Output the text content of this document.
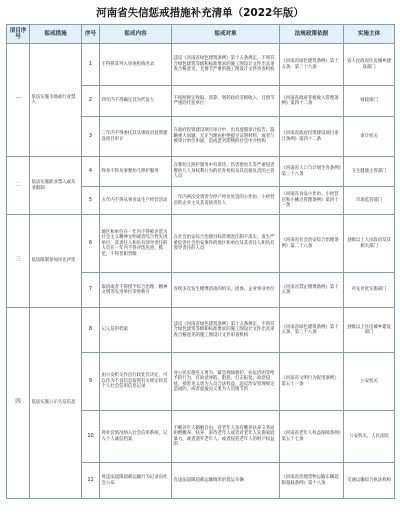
河南省失信惩戒措施补充清单（2022年版）
项目序号	惩戒措施	序号	惩戒内容	惩戒对象	法规政策依据	实施主体
一	依法实施市场或行业禁入	1	不得将其列入审查机构名录	违反《河南省绿色建筑条例》第十五条规定，不将符合绿色建筑等级和标准要求的施工图设计文件出具审查合格意见，且情节严重的施工图设计文件审查机构	《河南省绿色建筑条例》第十五条、第三十八条	省人民政府住房城乡建设部门
		2	四年内不得确定其为代征人	不按照规定收取、清算、划转政府非税收入，且情节严重的代征单位	《河南省政府非税收入管理条例》第四十二条	财政部门
		3	三年内不得委托其从事政府投资建设项目审计	在政府投资建设项目审计中，出具虚假审计报告、隐瞒重大问题、无正当理由拒绝提交证明材料，或者与被审计单位串通，造成恶劣影响的社会中介机构	《河南省政府投资建设项目审计条例》第四十二条	审计机关
二	依法实施职业禁入或从业限制	4	终身不得从事婴幼儿照护服务	在婴幼儿照护服务中有虐待、伤害婴幼儿等严重侵害婴幼儿人身权利行为的托育机构及其直接负责的主管人员	《河南省人口与计划生育条例》第三十八条	卫生健康主管部门
		5	五年内不得从事食品生产经营活动	一年内两次受到责令停产停业处罚的小作坊、小经营店的企业主及其直接责任人	《河南省食品小作坊、小经营店和小摊点管理条例》第四十一条	市场监管部门
三	依法限制参加评先评优	6	地区和单位在一年内不得被评选为社会主义精神文明或者综合性先进单位，其责任人和负有领导责任的人员在一年内不得评选先进、模范，不得晋职晋级	在社会治安综合治理目标管理责任制不落实，发生严重危害社会治安事件的地区和单位及其责任人和负有领导责任的人员	《河南省社会治安综合治理条例》第二十八条	县级以上人民政府及其相关部门
		7	取消或者不得授予综合治理、精神文明等先进单位荣誉称号	连续多次发生赌博活动的机关、团体、企业事业单位	《河南省禁止赌博条例》第十五条	评先评优实施部门
四	依法实施公示失信信息	8	记入信用档案	违反《河南省绿色建筑条例》第十五条规定，不将符合绿色建筑等级和标准要求的施工图设计文件出具审查合格意见的施工图设计文件审查机构	《河南省绿色建筑条例》第十五条、第三十八条	县级以上住房城乡建设部门
		9	由公安机关作出行政处罚决定，可以作为不良信息按照有关规定将其个人社会信用信息记录	对公民实施见义勇为、紧急现场救护、扶危济困等给予的行为，有故意诬陷、阻扰、打击报复、故意侵扰、损害见义勇为人员合法权益，违反治安管理规定造成的，或者虚报见义勇为人员情节的	《河南省文明行为促进条例》第五十一条	公安机关
		10	将处罚情况纳入社会信用系统，记入个人诚信档案	不赡养年人婚姻自由、对老年人负有赡养扶养义务而拒绝赡养、扶养，虐待老年人或者对老年人实施家庭暴力，或者遗弃老年人，或者侵犯老年人的财产权益的	《河南省老年人权益保障条例》第五十七条	公安机关、人民法院
		11	将违法超限超载运输行为记录向社会公布	有违法超限超载运输情形的货运车辆	《河南省治理货物运输车辆超限超载条例》第十八条	交通运输综合执法机构
